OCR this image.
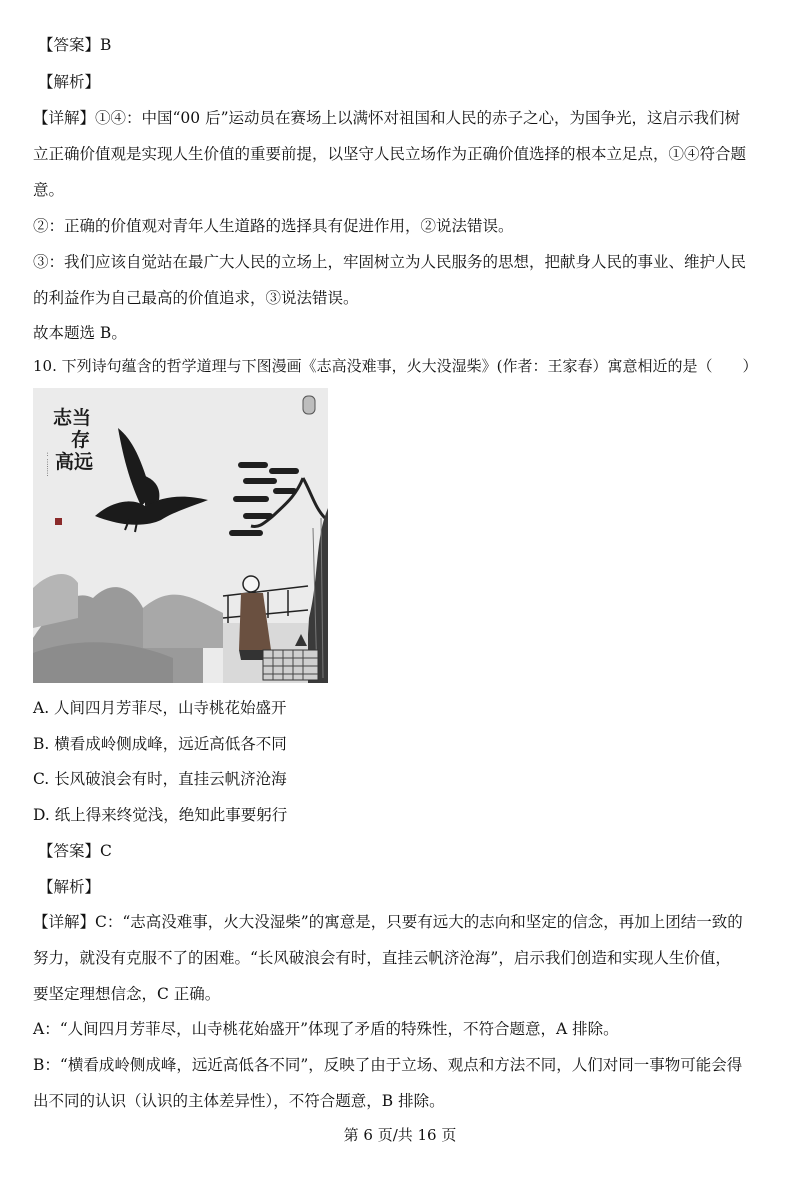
【答案】B
【解析】
【详解】①④：中国“00 后”运动员在赛场上以满怀对祖国和人民的赤子之心，为国争光，这启示我们树
立正确价值观是实现人生价值的重要前提，以坚守人民立场作为正确价值选择的根本立足点，①④符合题
意。
②：正确的价值观对青年人生道路的选择具有促进作用，②说法错误。
③：我们应该自觉站在最广大人民的立场上，牢固树立为人民服务的思想，把献身人民的事业、维护人民
的利益作为自己最高的价值追求，③说法错误。
故本题选 B。
10. 下列诗句蕴含的哲学道理与下图漫画《志高没难事，火大没湿柴》(作者：王家春）寓意相近的是（　　）
志当
存
高远
·· ········
A. 人间四月芳菲尽，山寺桃花始盛开
B. 横看成岭侧成峰，远近高低各不同
C. 长风破浪会有时，直挂云帆济沧海
D. 纸上得来终觉浅，绝知此事要躬行
【答案】C
【解析】
【详解】C：“志高没难事，火大没湿柴”的寓意是，只要有远大的志向和坚定的信念，再加上团结一致的
努力，就没有克服不了的困难。“长风破浪会有时，直挂云帆济沧海”，启示我们创造和实现人生价值，
要坚定理想信念，C 正确。
A：“人间四月芳菲尽，山寺桃花始盛开”体现了矛盾的特殊性，不符合题意，A 排除。
B：“横看成岭侧成峰，远近高低各不同”，反映了由于立场、观点和方法不同，人们对同一事物可能会得
出不同的认识（认识的主体差异性），不符合题意，B 排除。
第 6 页/共 16 页
